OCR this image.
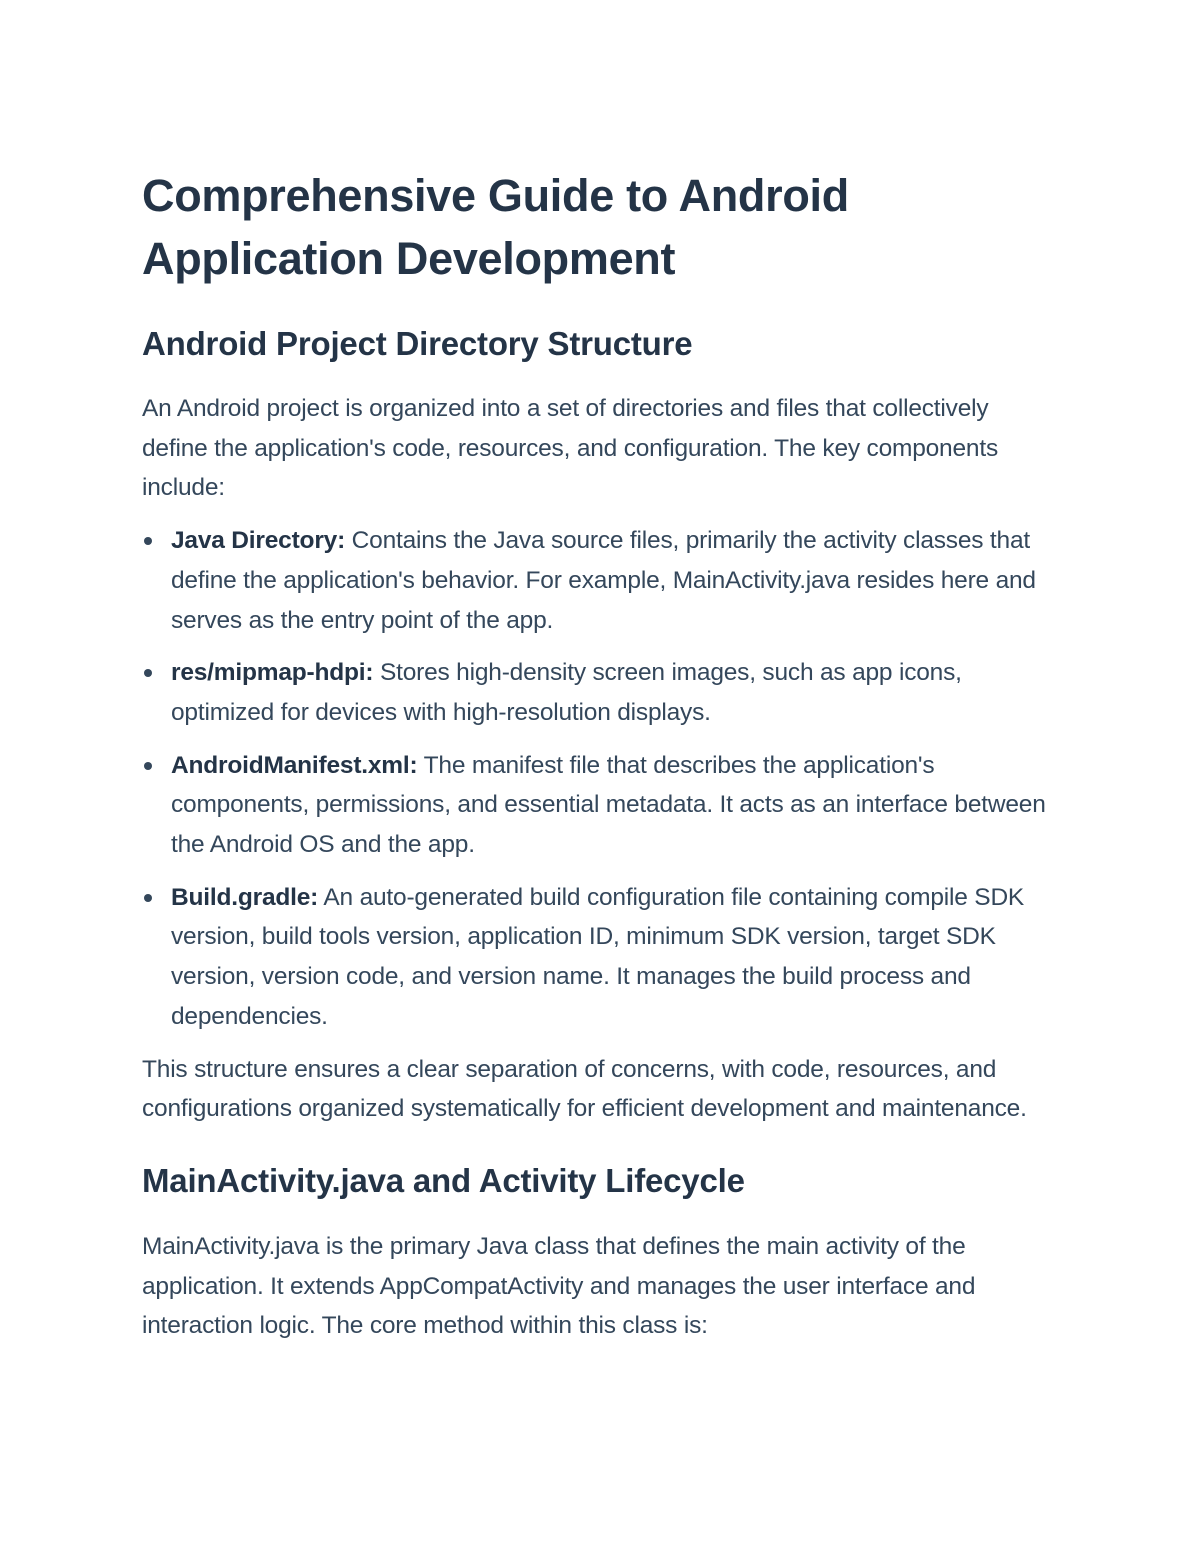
Comprehensive Guide to Android Application Development
Android Project Directory Structure

An Android project is organized into a set of directories and files that collectively define the application's code, resources, and configuration. The key components include:

Java Directory: Contains the Java source files, primarily the activity classes that define the application's behavior. For example, MainActivity.java resides here and serves as the entry point of the app.
res/mipmap-hdpi: Stores high-density screen images, such as app icons, optimized for devices with high-resolution displays.
AndroidManifest.xml: The manifest file that describes the application's components, permissions, and essential metadata. It acts as an interface between the Android OS and the app.
Build.gradle: An auto-generated build configuration file containing compile SDK version, build tools version, application ID, minimum SDK version, target SDK version, version code, and version name. It manages the build process and dependencies.

This structure ensures a clear separation of concerns, with code, resources, and configurations organized systematically for efficient development and maintenance.

MainActivity.java and Activity Lifecycle

MainActivity.java is the primary Java class that defines the main activity of the application. It extends AppCompatActivity and manages the user interface and interaction logic. The core method within this class is:
